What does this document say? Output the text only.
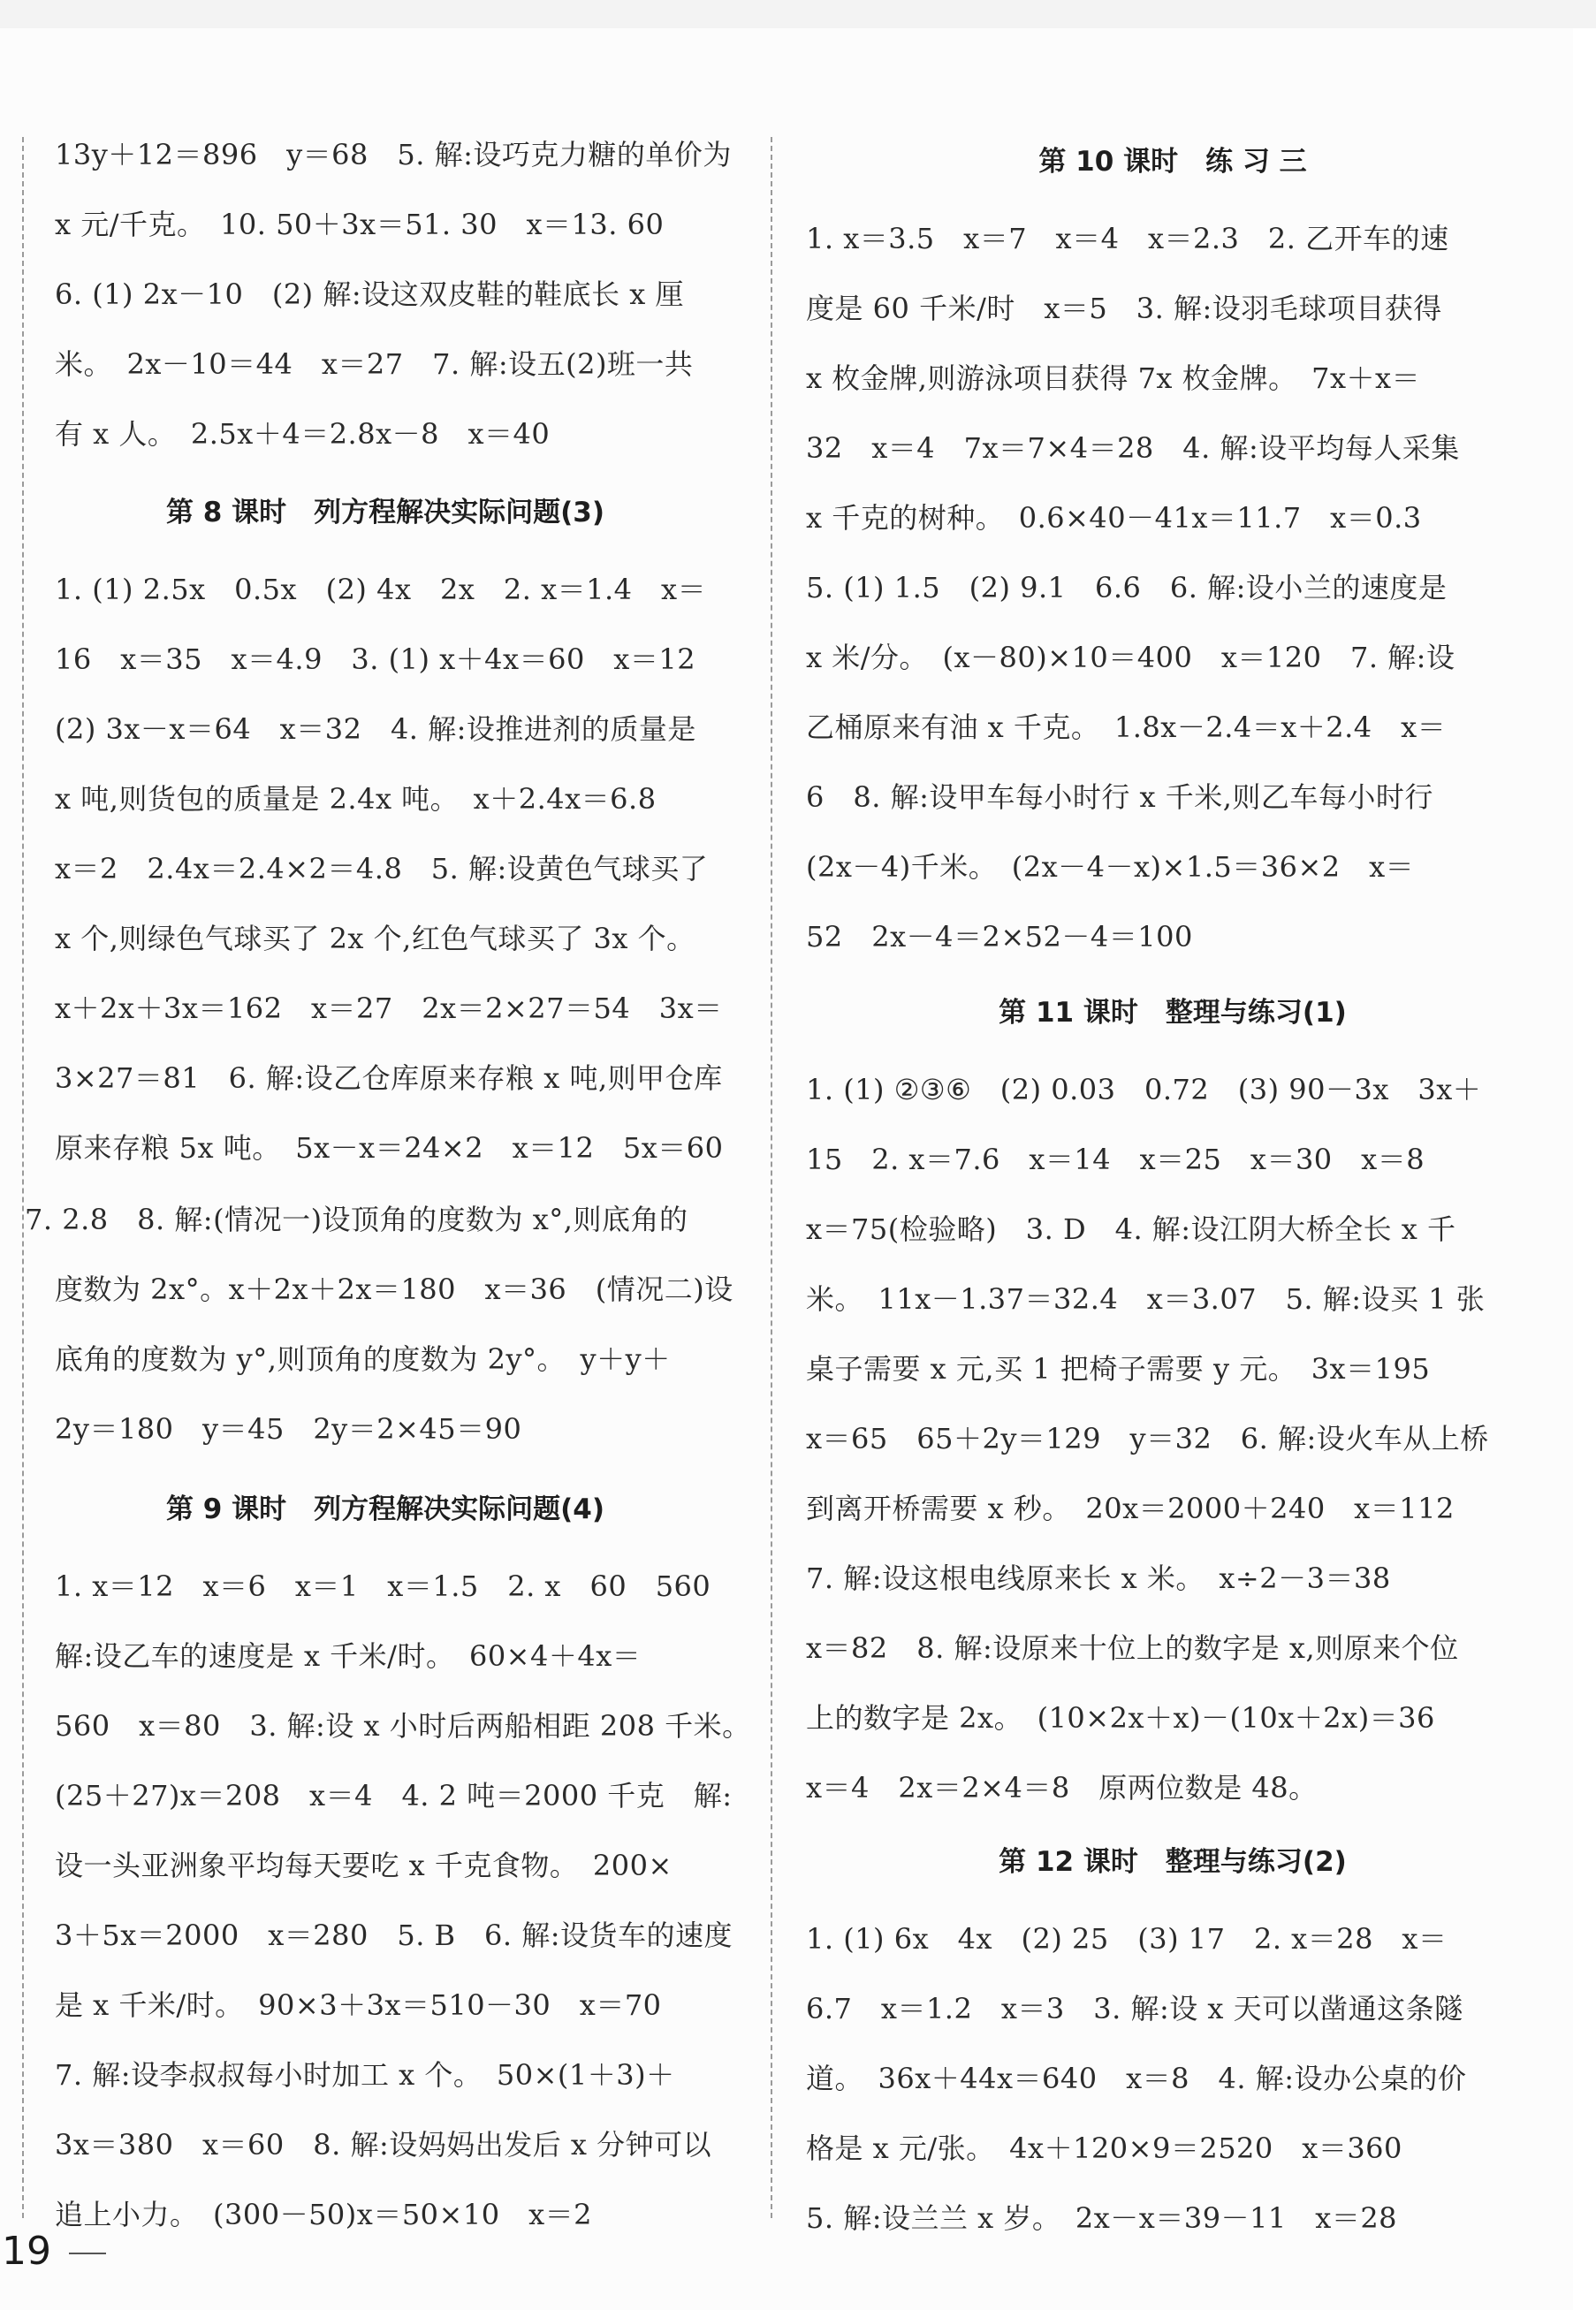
13y＋12＝896　y＝68　5. 解:设巧克力糖的单价为
x 元/千克。　10. 50＋3x＝51. 30　x＝13. 60
6. (1) 2x－10　(2) 解:设这双皮鞋的鞋底长 x 厘
米。　2x－10＝44　x＝27　7. 解:设五(2)班一共
有 x 人。　2.5x＋4＝2.8x－8　x＝40
第 8 课时　列方程解决实际问题(3)
1. (1) 2.5x　0.5x　(2) 4x　2x　2. x＝1.4　x＝
16　x＝35　x＝4.9　3. (1) x＋4x＝60　x＝12
(2) 3x－x＝64　x＝32　4. 解:设推进剂的质量是
x 吨,则货包的质量是 2.4x 吨。　x＋2.4x＝6.8
x＝2　2.4x＝2.4×2＝4.8　5. 解:设黄色气球买了
x 个,则绿色气球买了 2x 个,红色气球买了 3x 个。
x＋2x＋3x＝162　x＝27　2x＝2×27＝54　3x＝
3×27＝81　6. 解:设乙仓库原来存粮 x 吨,则甲仓库
原来存粮 5x 吨。　5x－x＝24×2　x＝12　5x＝60
7. 2.8　8. 解:(情况一)设顶角的度数为 x°,则底角的
度数为 2x°。x＋2x＋2x＝180　x＝36　(情况二)设
底角的度数为 y°,则顶角的度数为 2y°。　y＋y＋
2y＝180　y＝45　2y＝2×45＝90
第 9 课时　列方程解决实际问题(4)
1. x＝12　x＝6　x＝1　x＝1.5　2. x　60　560
解:设乙车的速度是 x 千米/时。　60×4＋4x＝
560　x＝80　3. 解:设 x 小时后两船相距 208 千米。
(25＋27)x＝208　x＝4　4. 2 吨＝2000 千克　解:
设一头亚洲象平均每天要吃 x 千克食物。　200×
3＋5x＝2000　x＝280　5. B　6. 解:设货车的速度
是 x 千米/时。　90×3＋3x＝510－30　x＝70
7. 解:设李叔叔每小时加工 x 个。　50×(1＋3)＋
3x＝380　x＝60　8. 解:设妈妈出发后 x 分钟可以
追上小力。　(300－50)x＝50×10　x＝2
第 10 课时　练 习 三
1. x＝3.5　x＝7　x＝4　x＝2.3　2. 乙开车的速
度是 60 千米/时　x＝5　3. 解:设羽毛球项目获得
x 枚金牌,则游泳项目获得 7x 枚金牌。　7x＋x＝
32　x＝4　7x＝7×4＝28　4. 解:设平均每人采集
x 千克的树种。　0.6×40－41x＝11.7　x＝0.3
5. (1) 1.5　(2) 9.1　6.6　6. 解:设小兰的速度是
x 米/分。　(x－80)×10＝400　x＝120　7. 解:设
乙桶原来有油 x 千克。　1.8x－2.4＝x＋2.4　x＝
6　8. 解:设甲车每小时行 x 千米,则乙车每小时行
(2x－4)千米。　(2x－4－x)×1.5＝36×2　x＝
52　2x－4＝2×52－4＝100
第 11 课时　整理与练习(1)
1. (1) ②③⑥　(2) 0.03　0.72　(3) 90－3x　3x＋
15　2. x＝7.6　x＝14　x＝25　x＝30　x＝8
x＝75(检验略)　3. D　4. 解:设江阴大桥全长 x 千
米。　11x－1.37＝32.4　x＝3.07　5. 解:设买 1 张
桌子需要 x 元,买 1 把椅子需要 y 元。　3x＝195
x＝65　65＋2y＝129　y＝32　6. 解:设火车从上桥
到离开桥需要 x 秒。　20x＝2000＋240　x＝112
7. 解:设这根电线原来长 x 米。　x÷2－3＝38
x＝82　8. 解:设原来十位上的数字是 x,则原来个位
上的数字是 2x。　(10×2x＋x)－(10x＋2x)＝36
x＝4　2x＝2×4＝8　原两位数是 48。
第 12 课时　整理与练习(2)
1. (1) 6x　4x　(2) 25　(3) 17　2. x＝28　x＝
6.7　x＝1.2　x＝3　3. 解:设 x 天可以凿通这条隧
道。　36x＋44x＝640　x＝8　4. 解:设办公桌的价
格是 x 元/张。　4x＋120×9＝2520　x＝360
5. 解:设兰兰 x 岁。　2x－x＝39－11　x＝28
19
